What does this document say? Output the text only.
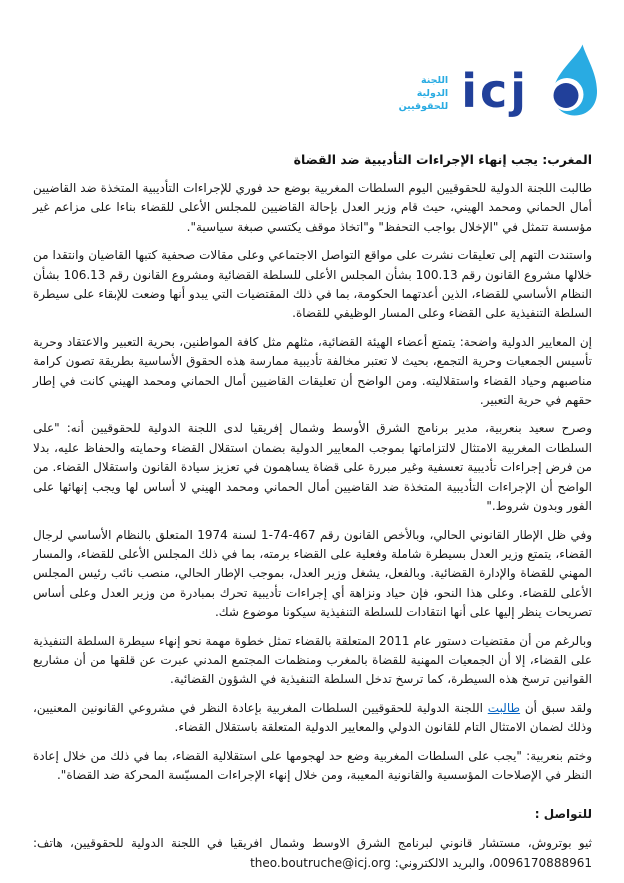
اللجنة
الدولية
للحقوقيين icj
المغرب: يجب إنهاء الإجراءات التأديبية ضد القضاة

طالبت اللجنة الدولية للحقوقيين اليوم السلطات المغربية بوضع حد فوري للإجراءات التأديبية المتخذة ضد القاضيين أمال الحماني ومحمد الهيني، حيث قام وزير العدل بإحالة القاضيين للمجلس الأعلى للقضاء بناءا على مزاعم غير مؤسسة تتمثل في "الإخلال بواجب التحفظ" و"اتخاذ موقف يكتسي صبغة سياسية".

واستندت التهم إلى تعليقات نشرت على مواقع التواصل الاجتماعي وعلى مقالات صحفية كتبها القاضيان وانتقدا من خلالها مشروع القانون رقم 100.13 بشأن المجلس الأعلى للسلطة القضائية ومشروع القانون رقم 106.13 بشأن النظام الأساسي للقضاء، الذين أعدتهما الحكومة، بما في ذلك المقتضيات التي يبدو أنها وضعت للإبقاء على سيطرة السلطة التنفيذية على القضاء وعلى المسار الوظيفي للقضاة.

إن المعايير الدولية واضحة: يتمتع أعضاء الهيئة القضائية، مثلهم مثل كافة المواطنين، بحرية التعبير والاعتقاد وحرية تأسيس الجمعيات وحرية التجمع، بحيث لا تعتبر مخالفة تأديبية ممارسة هذه الحقوق الأساسية بطريقة تصون كرامة مناصبهم وحياد القضاء واستقلاليته. ومن الواضح أن تعليقات القاضيين أمال الحماني ومحمد الهيني كانت في إطار حقهم في حرية التعبير.

وصرح سعيد بنعربية، مدير برنامج الشرق الأوسط وشمال إفريقيا لدى اللجنة الدولية للحقوقيين أنه: "على السلطات المغربية الامتثال لالتزاماتها بموجب المعايير الدولية بضمان استقلال القضاء وحمايته والحفاظ عليه، بدلا من فرض إجراءات تأديبية تعسفية وغير مبررة على قضاة يساهمون في تعزيز سيادة القانون واستقلال القضاء. من الواضح أن الإجراءات التأديبية المتخذة ضد القاضيين أمال الحماني ومحمد الهيني لا أساس لها ويجب إنهائها على الفور وبدون شروط."

وفي ظل الإطار القانوني الحالي، وبالأخص القانون رقم 467-74-1 لسنة 1974 المتعلق بالنظام الأساسي لرجال القضاء، يتمتع وزير العدل بسيطرة شاملة وفعلية على القضاء برمته، بما في ذلك المجلس الأعلى للقضاء، والمسار المهني للقضاة والإدارة القضائية. وبالفعل، يشغل وزير العدل، بموجب الإطار الحالي، منصب نائب رئيس المجلس الأعلى للقضاء. وعلى هذا النحو، فإن حياد ونزاهة أي إجراءات تأديبية تحرك بمبادرة من وزير العدل وعلى أساس تصريحات ينظر إليها على أنها انتقادات للسلطة التنفيذية سيكونا موضوع شك.

وبالرغم من أن مقتضيات دستور عام 2011 المتعلقة بالقضاء تمثل خطوة مهمة نحو إنهاء سيطرة السلطة التنفيذية على القضاء، إلا أن الجمعيات المهنية للقضاة بالمغرب ومنظمات المجتمع المدني عبرت عن قلقها من أن مشاريع القوانين ترسخ هذه السيطرة، كما ترسخ تدخل السلطة التنفيذية في الشؤون القضائية.

ولقد سبق أن طالبت اللجنة الدولية للحقوقيين السلطات المغربية بإعادة النظر في مشروعي القانونين المعنيين، وذلك لضمان الامتثال التام للقانون الدولي والمعايير الدولية المتعلقة باستقلال القضاء.

وختم بنعربية: "يجب على السلطات المغربية وضع حد لهجومها على استقلالية القضاء، بما في ذلك من خلال إعادة النظر في الإصلاحات المؤسسية والقانونية المعيبة، ومن خلال إنهاء الإجراءات المسيّسة المحركة ضد القضاة".

للتواصل :

ثيو بوتروش، مستشار قانوني لبرنامج الشرق الاوسط وشمال افريقيا في اللجنة الدولية للحقوقيين، هاتف: 0096170888961، والبريد الالكتروني: theo.boutruche@icj.org
